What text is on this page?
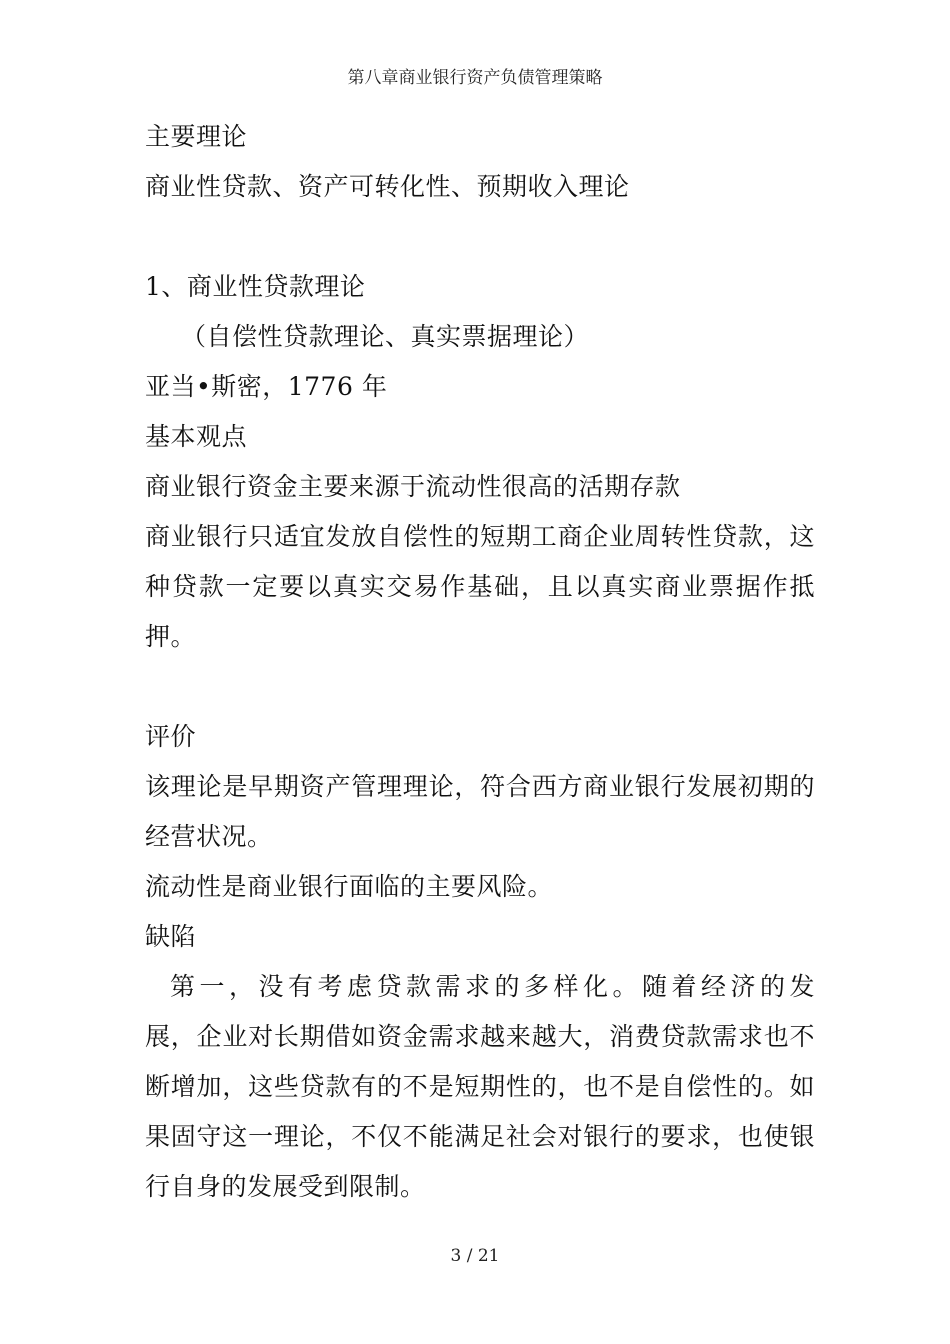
第八章商业银行资产负债管理策略
主要理论
商业性贷款、资产可转化性、预期收入理论
1、商业性贷款理论
（自偿性贷款理论、真实票据理论）
亚当•斯密，1776 年
基本观点
商业银行资金主要来源于流动性很高的活期存款
商业银行只适宜发放自偿性的短期工商企业周转性贷款，这种贷款一定要以真实交易作基础，且以真实商业票据作抵押。
评价
该理论是早期资产管理理论，符合西方商业银行发展初期的经营状况。
流动性是商业银行面临的主要风险。
缺陷
第一，没有考虑贷款需求的多样化。随着经济的发　　展，企业对长期借如资金需求越来越大，消费贷款需求也不断增加，这些贷款有的不是短期性的，也不是自偿性的。如果固守这一理论，不仅不能满足社会对银行的要求，也使银行自身的发展受到限制。
3 / 21
